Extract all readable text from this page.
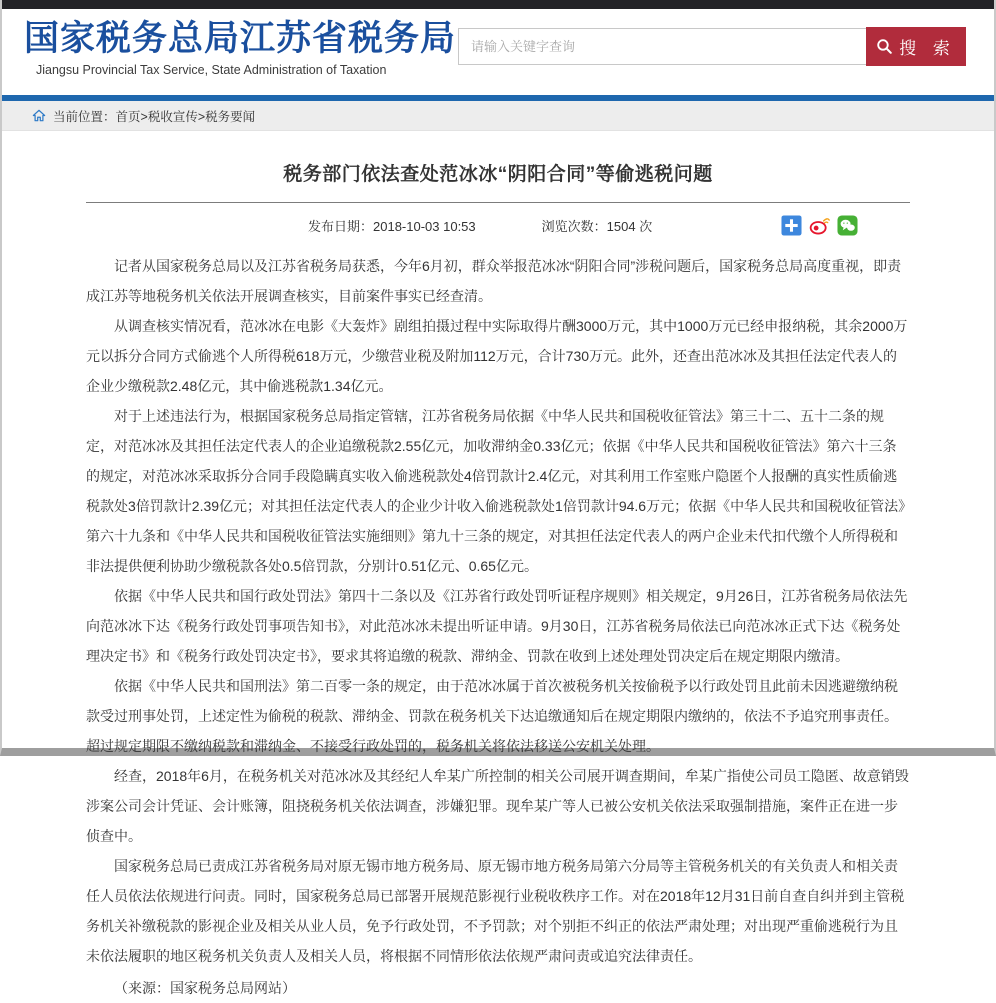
国家税务总局江苏省税务局
Jiangsu Provincial Tax Service, State Administration of Taxation
请输入关键字查询
搜 索
当前位置： 首页>税收宣传>税务要闻
税务部门依法查处范冰冰“阴阳合同”等偷逃税问题
发布日期：2018-10-03 10:53	浏览次数：1504 次

记者从国家税务总局以及江苏省税务局获悉，今年6月初，群众举报范冰冰“阴阳合同”涉税问题后，国家税务总局高度重视，即责成江苏等地税务机关依法开展调查核实，目前案件事实已经查清。

从调查核实情况看，范冰冰在电影《大轰炸》剧组拍摄过程中实际取得片酬3000万元，其中1000万元已经申报纳税，其余2000万元以拆分合同方式偷逃个人所得税618万元，少缴营业税及附加112万元，合计730万元。此外，还查出范冰冰及其担任法定代表人的企业少缴税款2.48亿元，其中偷逃税款1.34亿元。

对于上述违法行为，根据国家税务总局指定管辖，江苏省税务局依据《中华人民共和国税收征管法》第三十二、五十二条的规定，对范冰冰及其担任法定代表人的企业追缴税款2.55亿元，加收滞纳金0.33亿元；依据《中华人民共和国税收征管法》第六十三条的规定，对范冰冰采取拆分合同手段隐瞒真实收入偷逃税款处4倍罚款计2.4亿元，对其利用工作室账户隐匿个人报酬的真实性质偷逃税款处3倍罚款计2.39亿元；对其担任法定代表人的企业少计收入偷逃税款处1倍罚款计94.6万元；依据《中华人民共和国税收征管法》第六十九条和《中华人民共和国税收征管法实施细则》第九十三条的规定，对其担任法定代表人的两户企业未代扣代缴个人所得税和非法提供便利协助少缴税款各处0.5倍罚款，分别计0.51亿元、0.65亿元。

依据《中华人民共和国行政处罚法》第四十二条以及《江苏省行政处罚听证程序规则》相关规定，9月26日，江苏省税务局依法先向范冰冰下达《税务行政处罚事项告知书》，对此范冰冰未提出听证申请。9月30日，江苏省税务局依法已向范冰冰正式下达《税务处理决定书》和《税务行政处罚决定书》，要求其将追缴的税款、滞纳金、罚款在收到上述处理处罚决定后在规定期限内缴清。

依据《中华人民共和国刑法》第二百零一条的规定，由于范冰冰属于首次被税务机关按偷税予以行政处罚且此前未因逃避缴纳税款受过刑事处罚，上述定性为偷税的税款、滞纳金、罚款在税务机关下达追缴通知后在规定期限内缴纳的，依法不予追究刑事责任。超过规定期限不缴纳税款和滞纳金、不接受行政处罚的，税务机关将依法移送公安机关处理。

经查，2018年6月，在税务机关对范冰冰及其经纪人牟某广所控制的相关公司展开调查期间，牟某广指使公司员工隐匿、故意销毁涉案公司会计凭证、会计账簿，阻挠税务机关依法调查，涉嫌犯罪。现牟某广等人已被公安机关依法采取强制措施，案件正在进一步侦查中。

国家税务总局已责成江苏省税务局对原无锡市地方税务局、原无锡市地方税务局第六分局等主管税务机关的有关负责人和相关责任人员依法依规进行问责。同时，国家税务总局已部署开展规范影视行业税收秩序工作。对在2018年12月31日前自查自纠并到主管税务机关补缴税款的影视企业及相关从业人员，免予行政处罚，不予罚款；对个别拒不纠正的依法严肃处理；对出现严重偷逃税行为且未依法履职的地区税务机关负责人及相关人员，将根据不同情形依法依规严肃问责或追究法律责任。

（来源：国家税务总局网站）
